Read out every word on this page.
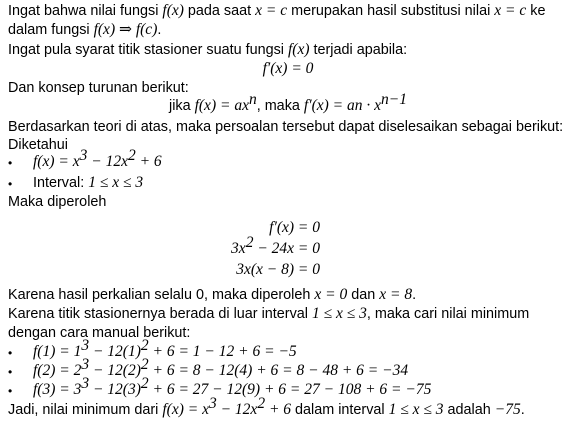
Ingat bahwa nilai fungsi f(x) pada saat x = c merupakan hasil substitusi nilai x = c ke
dalam fungsi f(x) ⇒ f(c).
Ingat pula syarat titik stasioner suatu fungsi f(x) terjadi apabila:
f′(x) = 0
Dan konsep turunan berikut:
jika $f(x) = ax^n$, maka f′(x) = an · $x^{n-1}$
Berdasarkan teori di atas, maka persoalan tersebut dapat diselesaikan sebagai berikut:
Diketahui
• $f(x) = x^3 - 12x^2 + 6$
• Interval: 1 ≤ x ≤ 3
Maka diperoleh
f′(x) = 0
$3x^2 - 24x = 0$
3x(x − 8) = 0
Karena hasil perkalian selalu 0, maka diperoleh x = 0 dan x = 8.
Karena titik stasionernya berada di luar interval 1 ≤ x ≤ 3, maka cari nilai minimum
dengan cara manual berikut:
• $f(1) = 1^3 - 12(1)^2 + 6 = 1 - 12 + 6 = -5$
• $f(2) = 2^3 - 12(2)^2 + 6 = 8 - 12(4) + 6 = 8 - 48 + 6 = -34$
• $f(3) = 3^3 - 12(3)^2 + 6 = 27 - 12(9) + 6 = 27 - 108 + 6 = -75$
Jadi, nilai minimum dari $f(x) = x^3 - 12x^2 + 6$ dalam interval 1 ≤ x ≤ 3 adalah −75.
